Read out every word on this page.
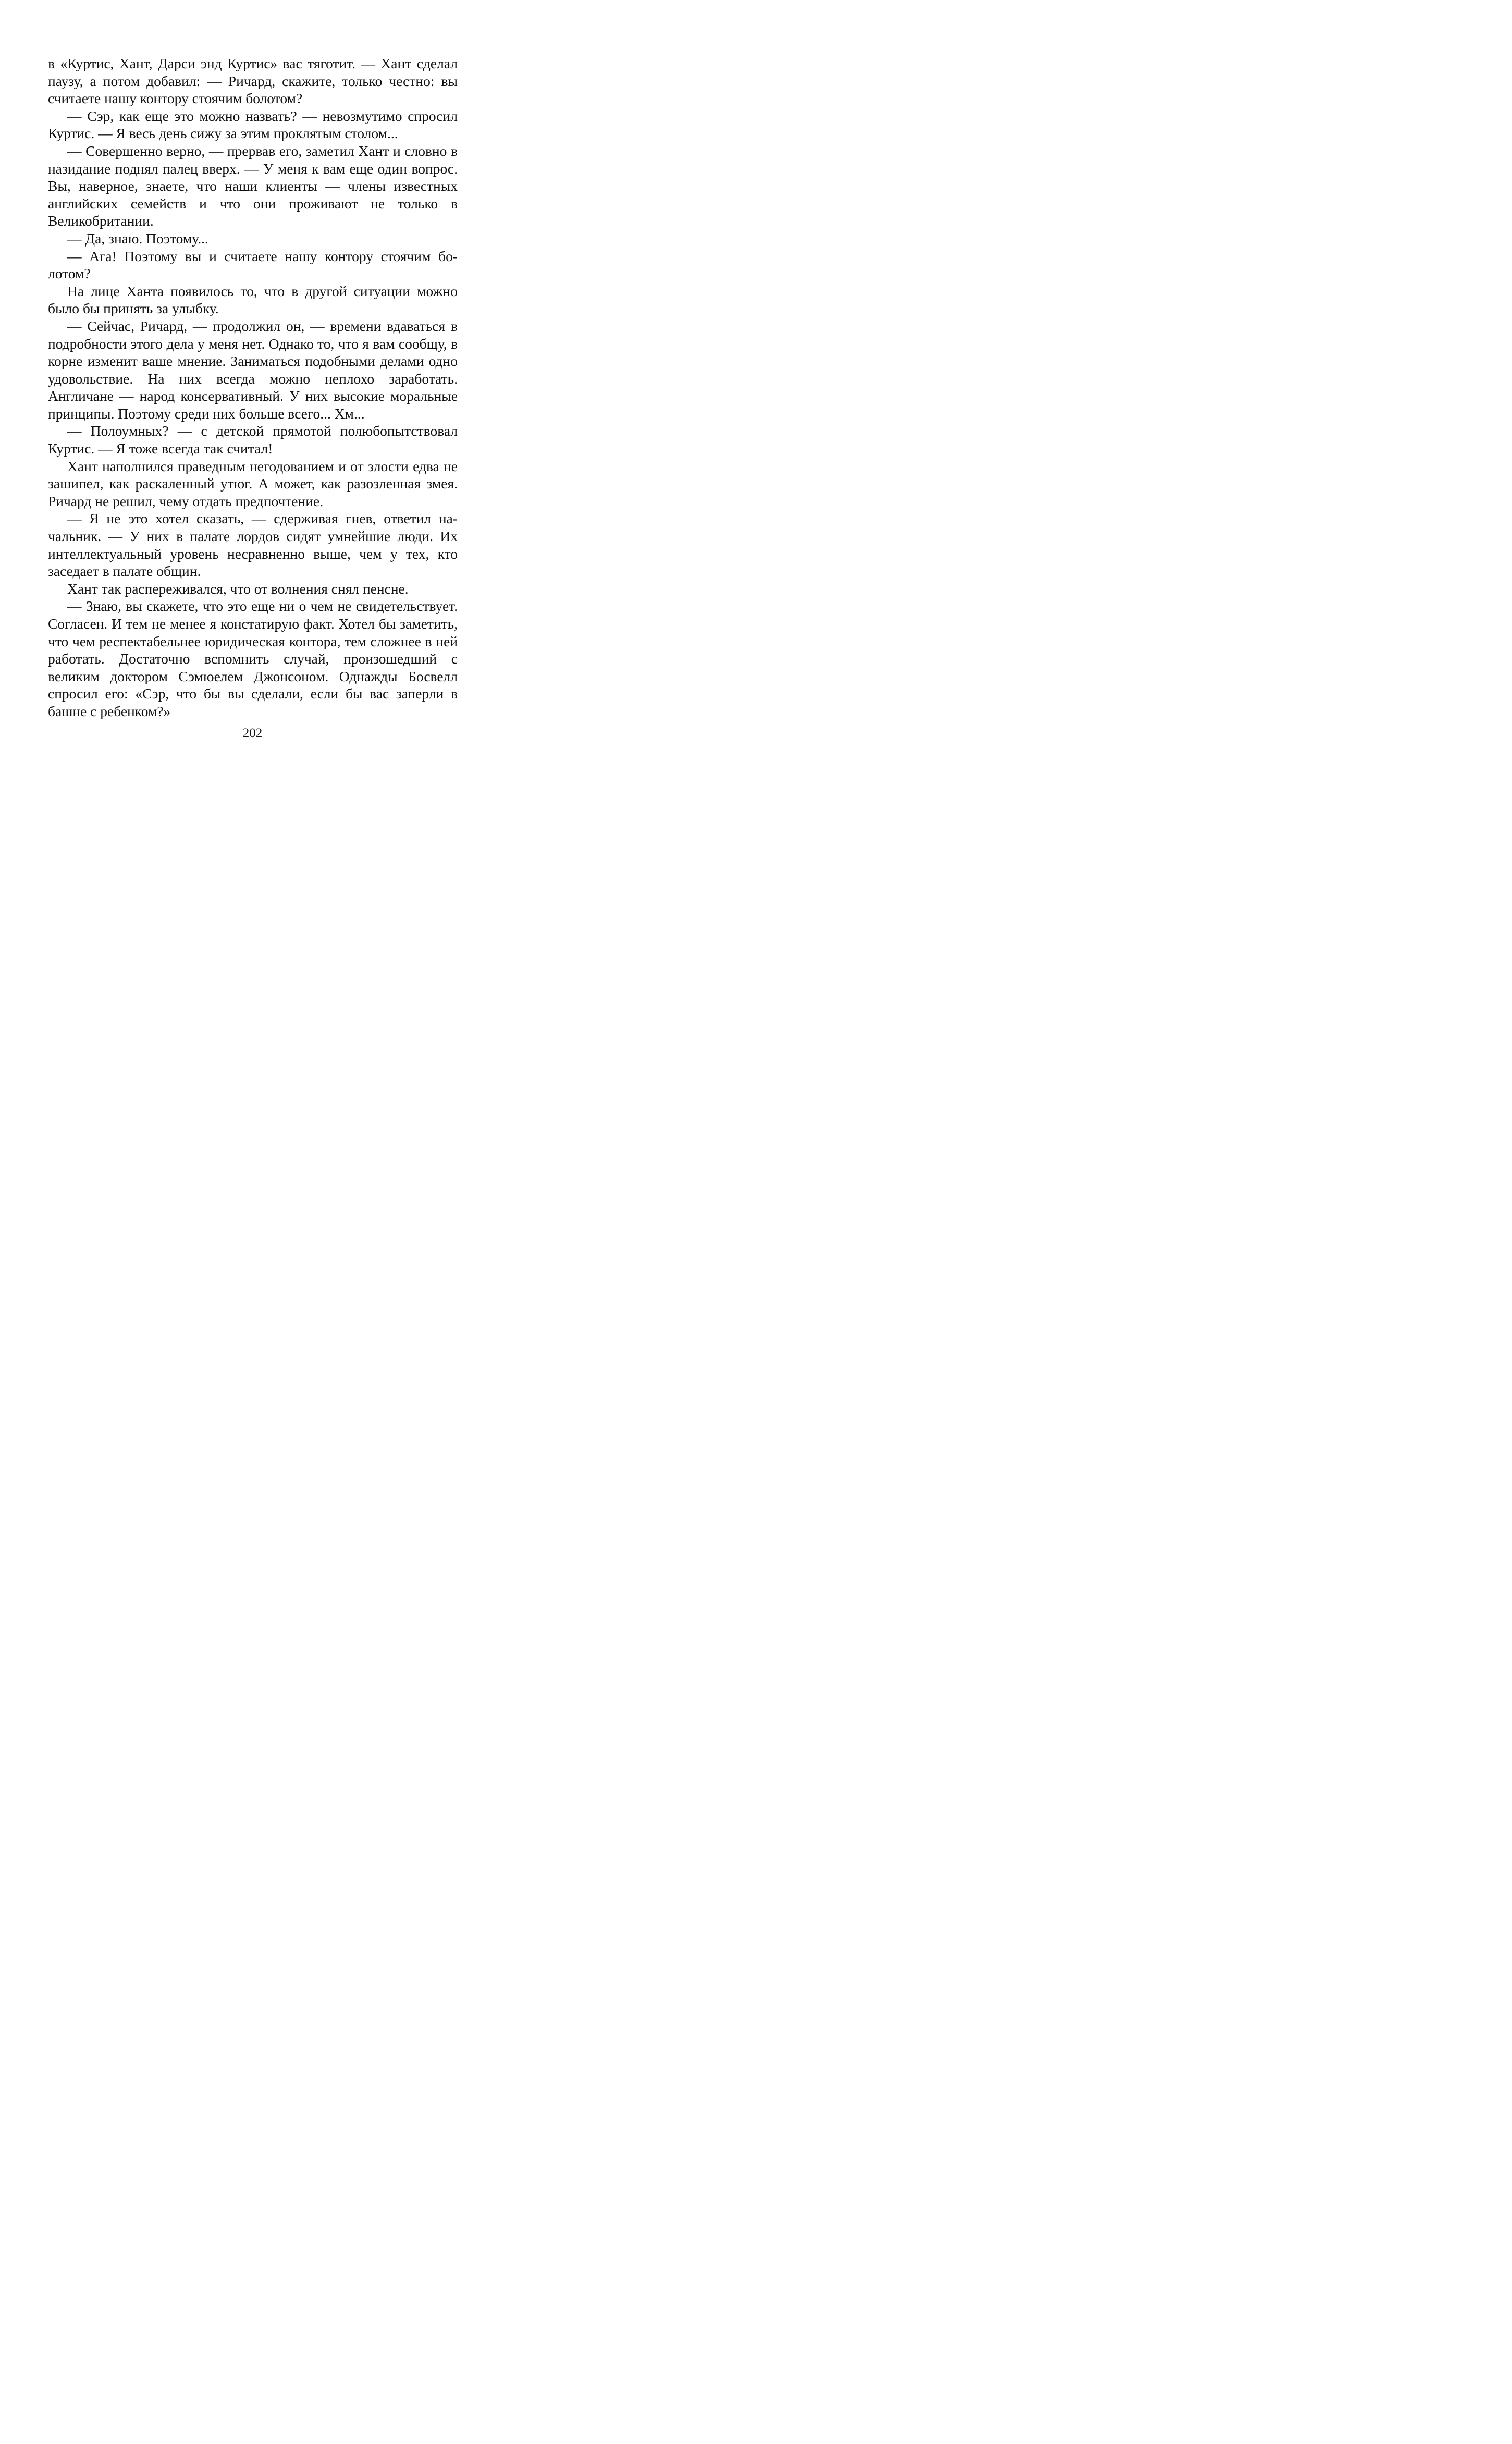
в «Куртис, Хант, Дарси энд Куртис» вас тяготит. — Хант сделал паузу, а потом добавил: — Ричард, скажите, только честно: вы считаете нашу контору стоячим болотом?

— Сэр, как еще это можно назвать? — невозмутимо спросил Куртис. — Я весь день сижу за этим проклятым столом...

— Совершенно верно, — прервав его, заметил Хант и словно в назидание поднял палец вверх. — У меня к вам еще один вопрос. Вы, наверное, знаете, что наши клиенты — члены известных английских семейств и что они проживают не только в Великобритании.

— Да, знаю. Поэтому...

— Ага! Поэтому вы и считаете нашу контору стоячим болотом?

На лице Ханта появилось то, что в другой ситуации можно было бы принять за улыбку.

— Сейчас, Ричард, — продолжил он, — времени вдаваться в подробности этого дела у меня нет. Однако то, что я вам сообщу, в корне изменит ваше мнение. Заниматься подобными делами одно удовольствие. На них всегда можно неплохо заработать. Англичане — народ консервативный. У них высокие моральные принципы. Поэтому среди них больше всего... Хм...

— Полоумных? — с детской прямотой полюбопытствовал Куртис. — Я тоже всегда так считал!

Хант наполнился праведным негодованием и от злости едва не зашипел, как раскаленный утюг. А может, как разозленная змея. Ричард не решил, чему отдать предпочтение.

— Я не это хотел сказать, — сдерживая гнев, ответил начальник. — У них в палате лордов сидят умнейшие люди. Их интеллектуальный уровень несравненно выше, чем у тех, кто заседает в палате общин.

Хант так распереживался, что от волнения снял пенсне.

— Знаю, вы скажете, что это еще ни о чем не свидетельствует. Согласен. И тем не менее я констатирую факт. Хотел бы заметить, что чем респектабельнее юридическая контора, тем сложнее в ней работать. Достаточно вспомнить случай, произошедший с великим доктором Сэмюелем Джонсоном. Однажды Босвелл спросил его: «Сэр, что бы вы сделали, если бы вас заперли в башне с ребенком?»

202
